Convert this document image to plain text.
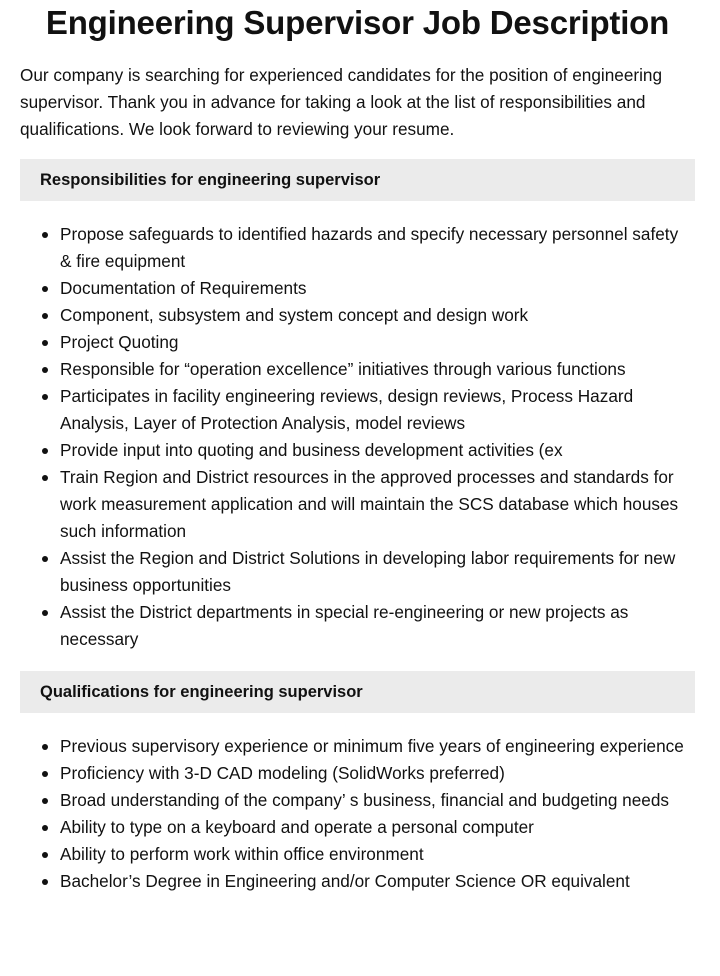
Engineering Supervisor Job Description

Our company is searching for experienced candidates for the position of engineering supervisor. Thank you in advance for taking a look at the list of responsibilities and qualifications. We look forward to reviewing your resume.

Responsibilities for engineering supervisor
Propose safeguards to identified hazards and specify necessary personnel safety & fire equipment
Documentation of Requirements
Component, subsystem and system concept and design work
Project Quoting
Responsible for “operation excellence” initiatives through various functions
Participates in facility engineering reviews, design reviews, Process Hazard Analysis, Layer of Protection Analysis, model reviews
Provide input into quoting and business development activities (ex
Train Region and District resources in the approved processes and standards for work measurement application and will maintain the SCS database which houses such information
Assist the Region and District Solutions in developing labor requirements for new business opportunities
Assist the District departments in special re-engineering or new projects as necessary
Qualifications for engineering supervisor
Previous supervisory experience or minimum five years of engineering experience
Proficiency with 3-D CAD modeling (SolidWorks preferred)
Broad understanding of the company’ s business, financial and budgeting needs
Ability to type on a keyboard and operate a personal computer
Ability to perform work within office environment
Bachelor’s Degree in Engineering and/or Computer Science OR equivalent
